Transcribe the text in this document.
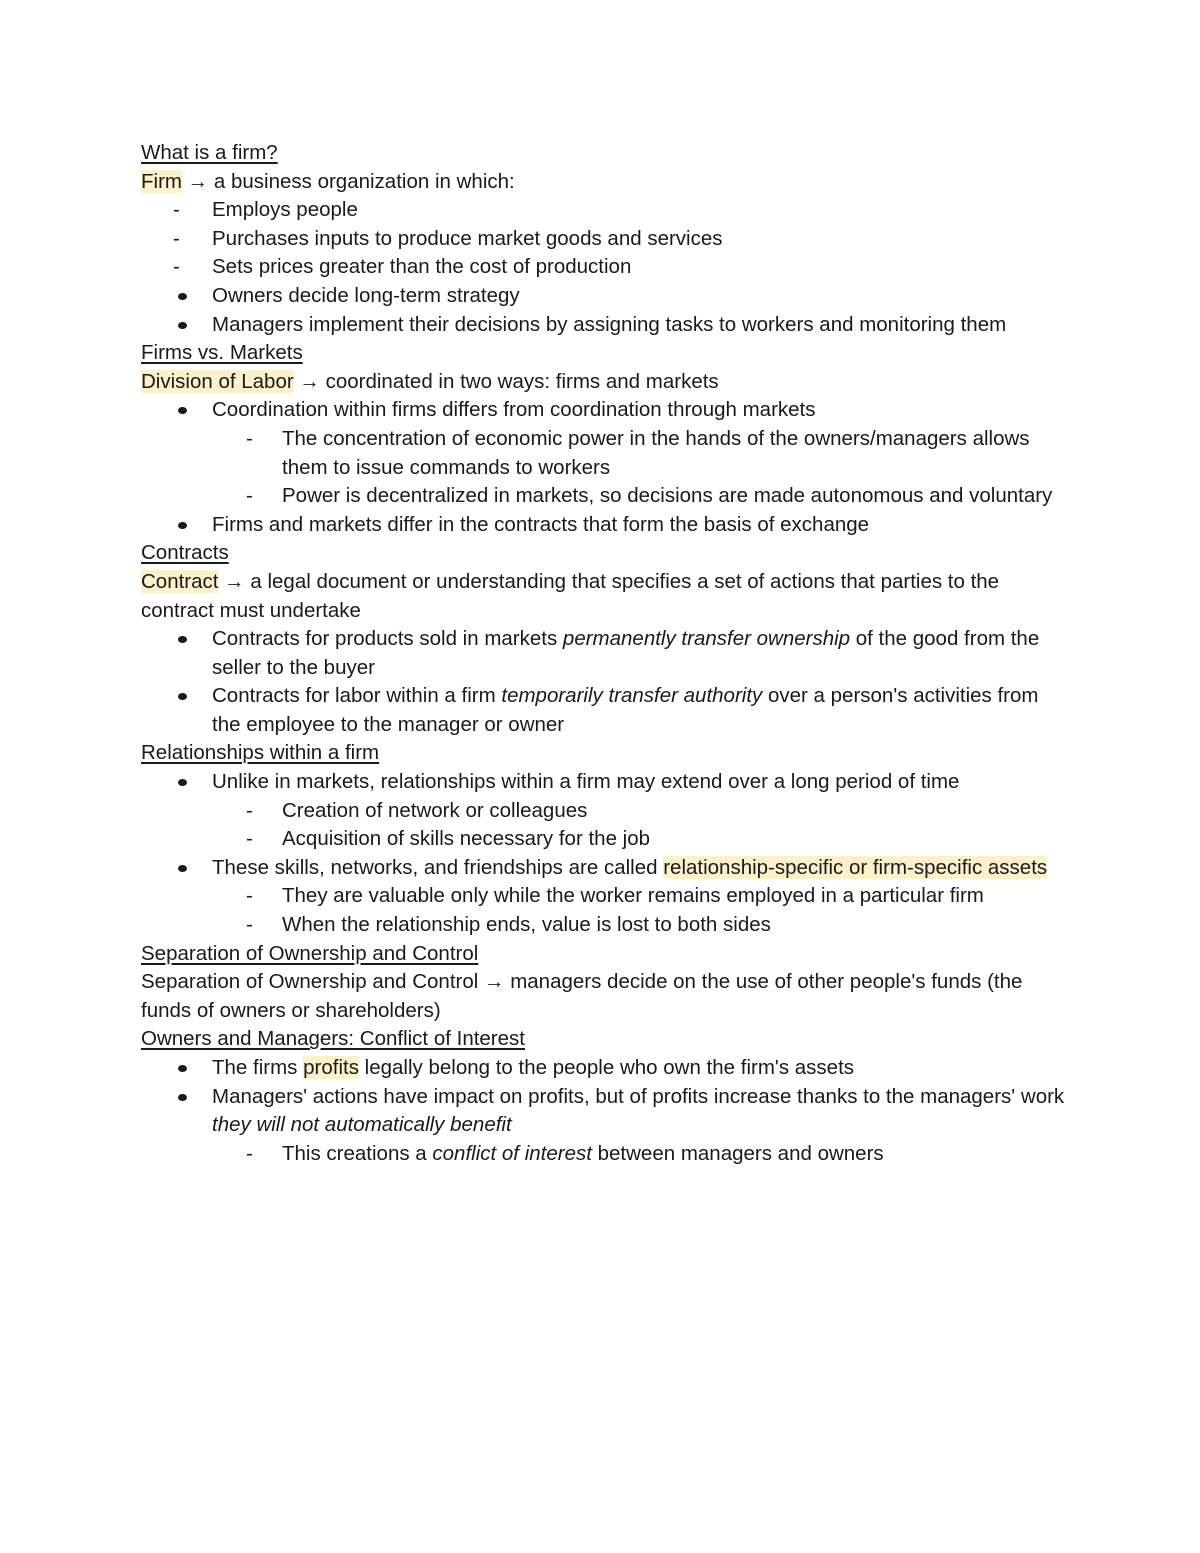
What is a firm?

Firm → a business organization in which:

- Employs people

- Purchases inputs to produce market goods and services

- Sets prices greater than the cost of production

Owners decide long-term strategy

Managers implement their decisions by assigning tasks to workers and monitoring them

Firms vs. Markets

Division of Labor → coordinated in two ways: firms and markets

Coordination within firms differs from coordination through markets

- The concentration of economic power in the hands of the owners/managers allows them to issue commands to workers

- Power is decentralized in markets, so decisions are made autonomous and voluntary

Firms and markets differ in the contracts that form the basis of exchange

Contracts

Contract → a legal document or understanding that specifies a set of actions that parties to the contract must undertake

Contracts for products sold in markets permanently transfer ownership of the good from the seller to the buyer

Contracts for labor within a firm temporarily transfer authority over a person's activities from the employee to the manager or owner

Relationships within a firm

Unlike in markets, relationships within a firm may extend over a long period of time

- Creation of network or colleagues

- Acquisition of skills necessary for the job

These skills, networks, and friendships are called relationship-specific or firm-specific assets

- They are valuable only while the worker remains employed in a particular firm

- When the relationship ends, value is lost to both sides

Separation of Ownership and Control

Separation of Ownership and Control → managers decide on the use of other people's funds (the funds of owners or shareholders)

Owners and Managers: Conflict of Interest

The firms profits legally belong to the people who own the firm's assets

Managers' actions have impact on profits, but of profits increase thanks to the managers' work they will not automatically benefit

- This creations a conflict of interest between managers and owners
